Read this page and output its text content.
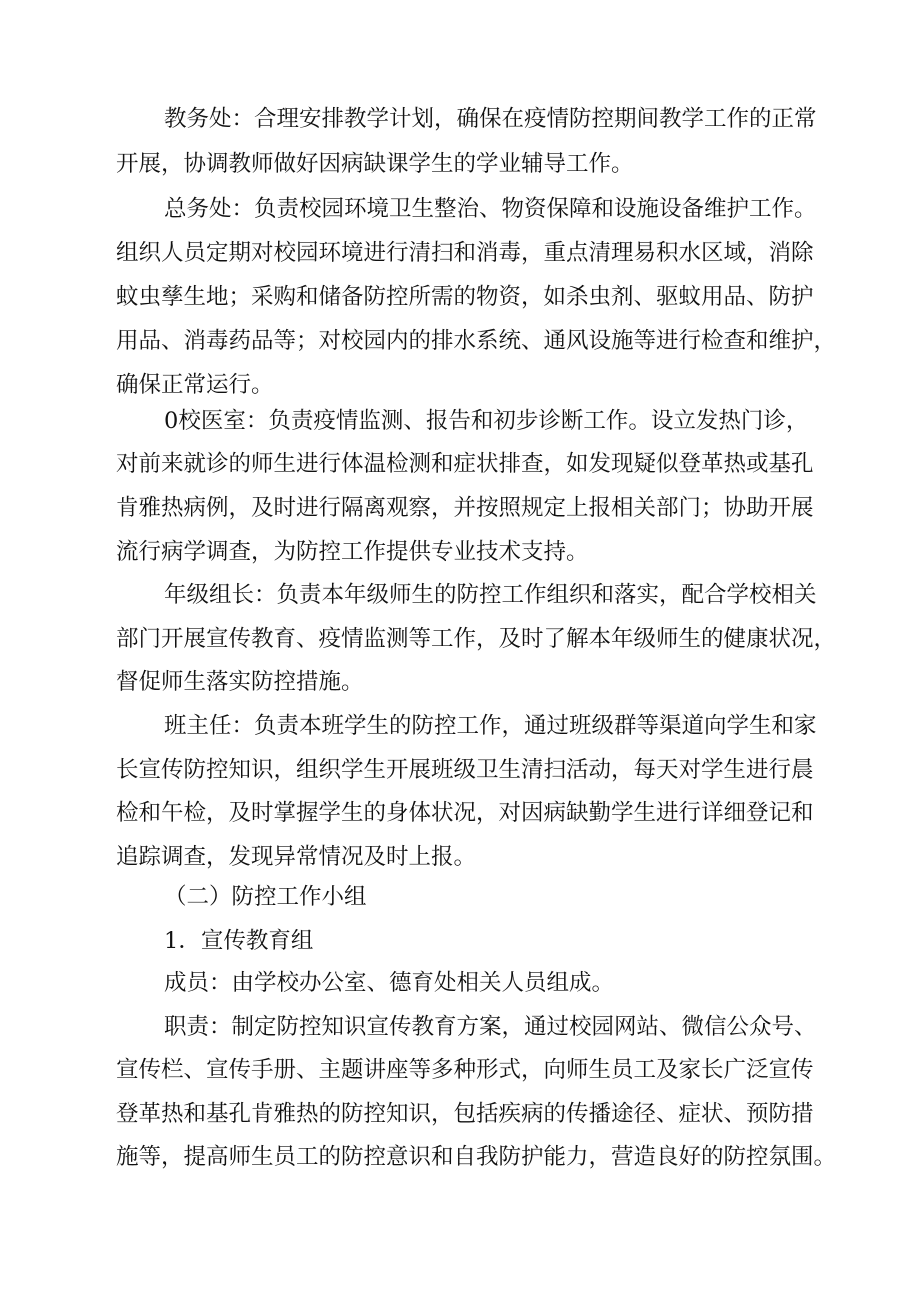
教务处：合理安排教学计划，确保在疫情防控期间教学工作的正常

开展，协调教师做好因病缺课学生的学业辅导工作。

总务处：负责校园环境卫生整治、物资保障和设施设备维护工作。

组织人员定期对校园环境进行清扫和消毒，重点清理易积水区域，消除

蚊虫孳生地；采购和储备防控所需的物资，如杀虫剂、驱蚊用品、防护

用品、消毒药品等；对校园内的排水系统、通风设施等进行检查和维护，

确保正常运行。

0校医室：负责疫情监测、报告和初步诊断工作。设立发热门诊，

对前来就诊的师生进行体温检测和症状排查，如发现疑似登革热或基孔

肯雅热病例，及时进行隔离观察，并按照规定上报相关部门；协助开展

流行病学调查，为防控工作提供专业技术支持。

年级组长：负责本年级师生的防控工作组织和落实，配合学校相关

部门开展宣传教育、疫情监测等工作，及时了解本年级师生的健康状况，

督促师生落实防控措施。

班主任：负责本班学生的防控工作，通过班级群等渠道向学生和家

长宣传防控知识，组织学生开展班级卫生清扫活动，每天对学生进行晨

检和午检，及时掌握学生的身体状况，对因病缺勤学生进行详细登记和

追踪调查，发现异常情况及时上报。

（二）防控工作小组

1．宣传教育组

成员：由学校办公室、德育处相关人员组成。

职责：制定防控知识宣传教育方案，通过校园网站、微信公众号、

宣传栏、宣传手册、主题讲座等多种形式，向师生员工及家长广泛宣传

登革热和基孔肯雅热的防控知识，包括疾病的传播途径、症状、预防措

施等，提高师生员工的防控意识和自我防护能力，营造良好的防控氛围。
